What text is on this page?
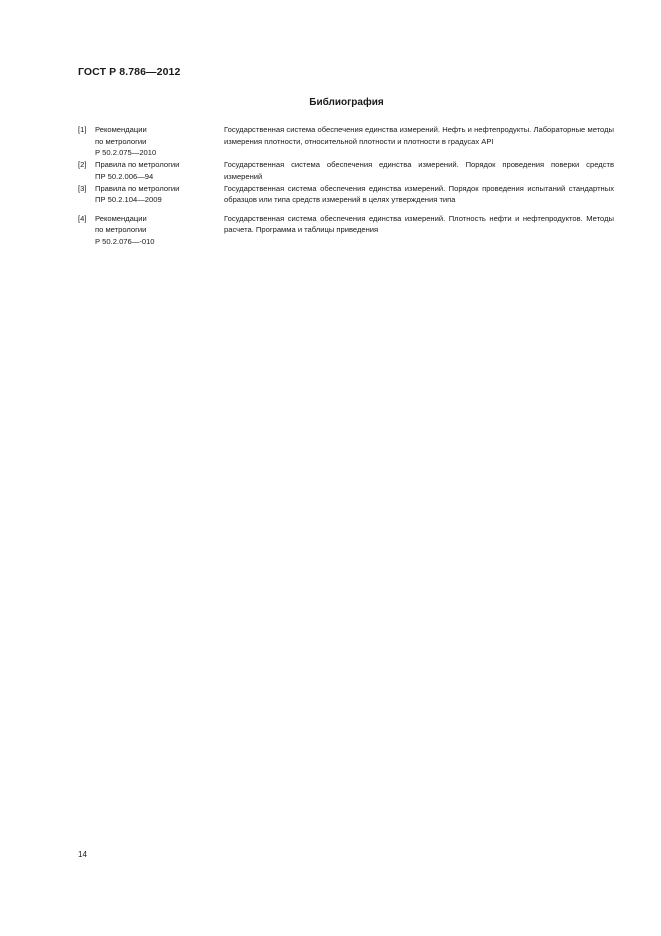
ГОСТ Р 8.786—2012
Библиография
[1]	Рекомендации
по метрологии
Р 50.2.075—2010
Государственная система обеспечения единства измерений. Нефть и нефтепродукты. Лабораторные методы измерения плотности, относительной плотности и плотности в градусах API
[2]	Правила по метрологии
ПР 50.2.006—94
Государственная система обеспечения единства измерений. Порядок проведения поверки средств измерений
[3]	Правила по метрологии
ПР 50.2.104—2009
Государственная система обеспечения единства измерений. Порядок проведения испытаний стандартных образцов или типа средств измерений в целях утверждения типа
[4]	Рекомендации
по метрологии
Р 50.2.076—-010
Государственная система обеспечения единства измерений. Плотность нефти и нефтепродуктов. Методы расчета. Программа и таблицы приведения
14
